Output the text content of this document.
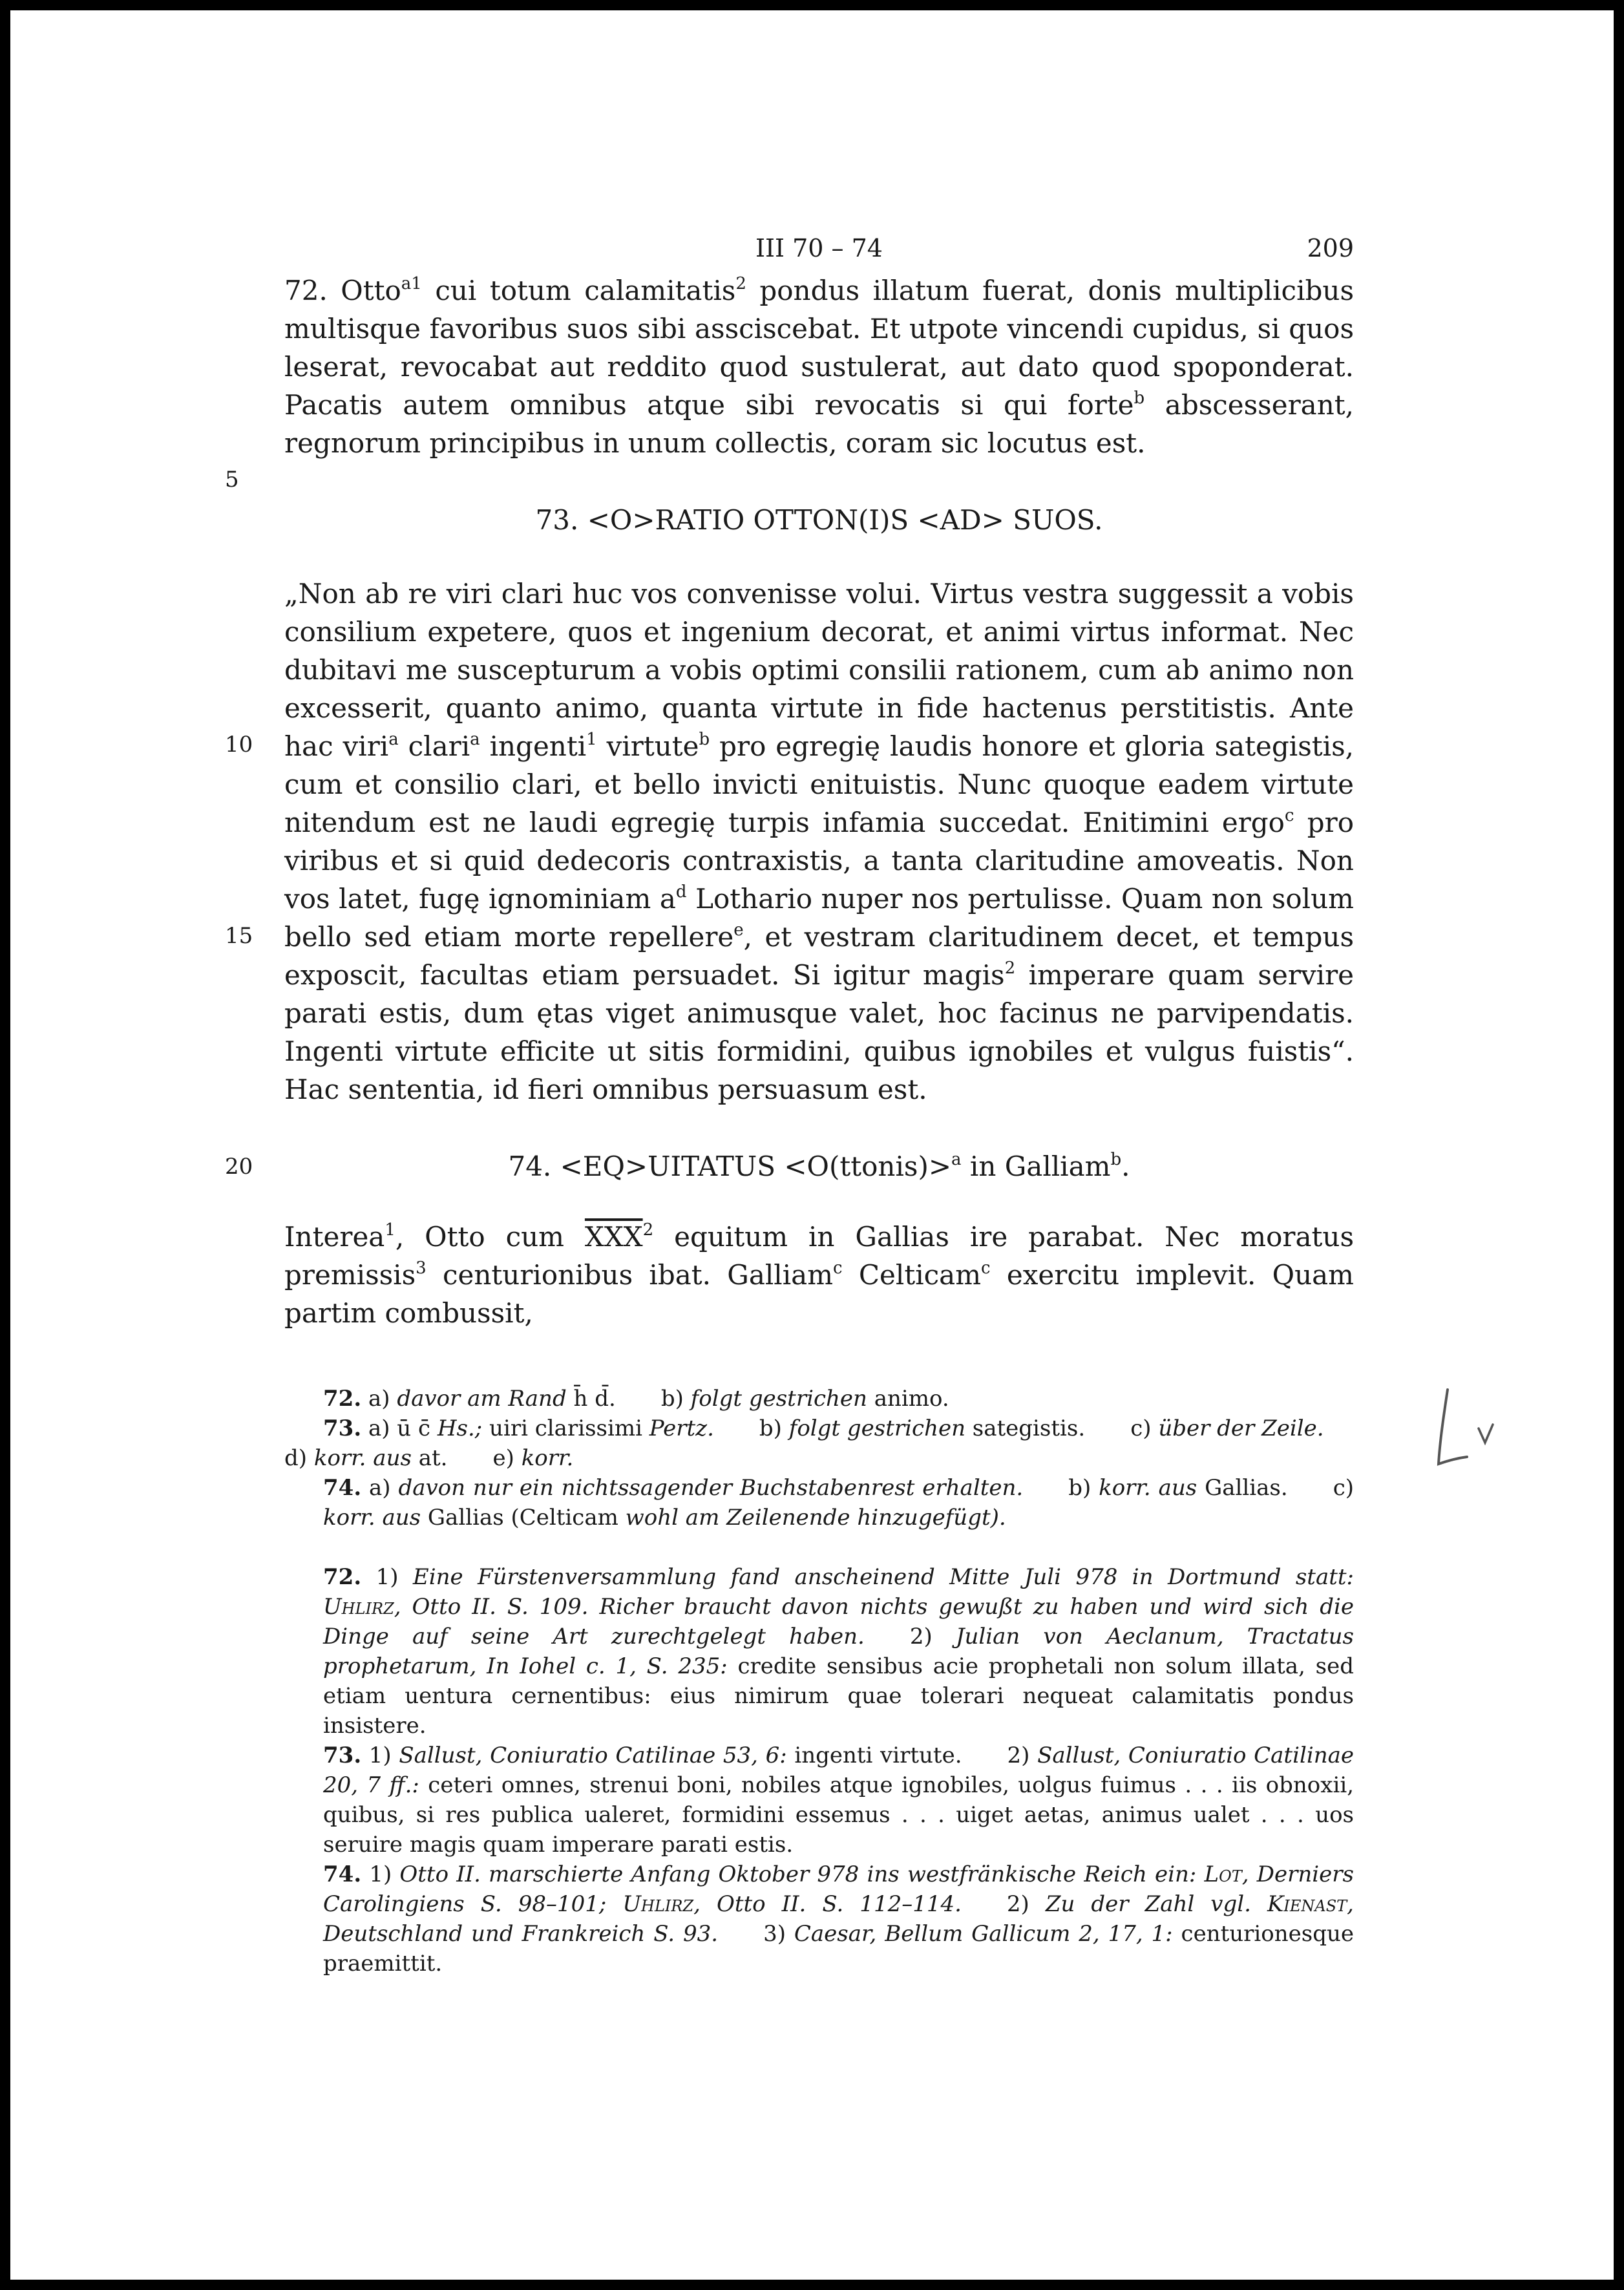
5
10
15
20
III 70 – 74	209

72. Otto$^{a1}$ cui totum calamitatis$^2$ pondus illatum fuerat, donis multiplicibus multisque favoribus suos sibi assciscebat. Et utpote vincendi cupidus, si quos leserat, revocabat aut reddito quod sustulerat, aut dato quod spoponderat. Pacatis autem omnibus atque sibi revocatis si qui forte$^b$ abscesserant, regnorum principibus in unum collectis, coram sic locutus est.

73. <O>RATIO OTTON(I)S <AD> SUOS.

„Non ab re viri clari huc vos convenisse volui. Virtus vestra suggessit a vobis consilium expetere, quos et ingenium decorat, et animi virtus informat. Nec dubitavi me suscepturum a vobis optimi consilii rationem, cum ab animo non excesserit, quanto animo, quanta virtute in fide hactenus perstitistis. Ante hac viri$^a$ clari$^a$ ingenti$^1$ virtute$^b$ pro egregię laudis honore et gloria sategistis, cum et consilio clari, et bello invicti enituistis. Nunc quoque eadem virtute nitendum est ne laudi egregię turpis infamia succedat. Enitimini ergo$^c$ pro viribus et si quid dedecoris contraxistis, a tanta claritudine amoveatis. Non vos latet, fugę ignominiam $a^d$ Lothario nuper nos pertulisse. Quam non solum bello sed etiam morte repellere$^e$, et vestram claritudinem decet, et tempus exposcit, facultas etiam persuadet. Si igitur magis$^2$ imperare quam servire parati estis, dum ętas viget animusque valet, hoc facinus ne parvipendatis. Ingenti virtute efficite ut sitis formidini, quibus ignobiles et vulgus fuistis“. Hac sententia, id fieri omnibus persuasum est.

74. <EQ>UITATUS <O(ttonis)>$^a$ in Galliam$^b$.

Interea$^1$, Otto cum $\overline{XXX}^2$ equitum in Gallias ire parabat. Nec moratus premissis$^3$ centurionibus ibat. Galliam$^c$ Celticam$^c$ exercitu implevit. Quam partim combussit,

72. a) davor am Rand h̄ d̄. b) folgt gestrichen animo.

73. a) ū c̄ Hs.; uiri clarissimi Pertz. b) folgt gestrichen sategistis. c) über der Zeile.

d) korr. aus at. e) korr.

74. a) davon nur ein nichtssagender Buchstabenrest erhalten. b) korr. aus Gallias. c) korr. aus Gallias (Celticam wohl am Zeilenende hinzugefügt).

72. 1) Eine Fürstenversammlung fand anscheinend Mitte Juli 978 in Dortmund statt: Uhlirz, Otto II. S. 109. Richer braucht davon nichts gewußt zu haben und wird sich die Dinge auf seine Art zurechtgelegt haben. 2) Julian von Aeclanum, Tractatus prophetarum, In Iohel c. 1, S. 235: credite sensibus acie prophetali non solum illata, sed etiam uentura cernentibus: eius nimirum quae tolerari nequeat calamitatis pondus insistere.

73. 1) Sallust, Coniuratio Catilinae 53, 6: ingenti virtute. 2) Sallust, Coniuratio Catilinae 20, 7 ff.: ceteri omnes, strenui boni, nobiles atque ignobiles, uolgus fuimus . . . iis obnoxii, quibus, si res publica ualeret, formidini essemus . . . uiget aetas, animus ualet . . . uos seruire magis quam imperare parati estis.

74. 1) Otto II. marschierte Anfang Oktober 978 ins westfränkische Reich ein: Lot, Derniers Carolingiens S. 98–101; Uhlirz, Otto II. S. 112–114. 2) Zu der Zahl vgl. Kienast, Deutschland und Frankreich S. 93. 3) Caesar, Bellum Gallicum 2, 17, 1: centurionesque praemittit.
